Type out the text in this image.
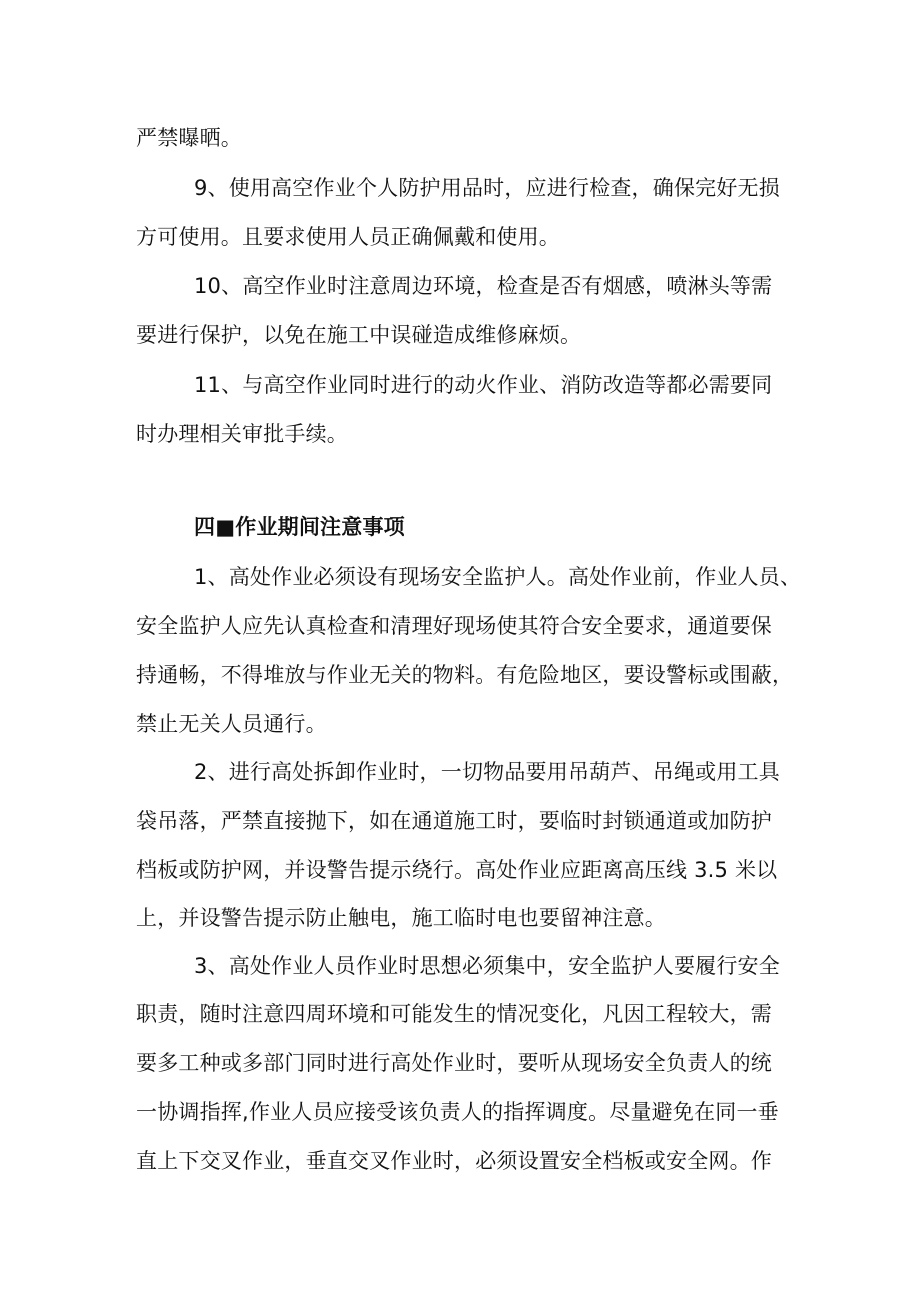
严禁曝晒。
9、使用高空作业个人防护用品时，应进行检查，确保完好无损
方可使用。且要求使用人员正确佩戴和使用。
10、高空作业时注意周边环境，检查是否有烟感，喷淋头等需
要进行保护，以免在施工中误碰造成维修麻烦。
11、与高空作业同时进行的动火作业、消防改造等都必需要同
时办理相关审批手续。
四■作业期间注意事项
1、高处作业必须设有现场安全监护人。高处作业前，作业人员、
安全监护人应先认真检查和清理好现场使其符合安全要求，通道要保
持通畅，不得堆放与作业无关的物料。有危险地区，要设警标或围蔽，
禁止无关人员通行。
2、进行高处拆卸作业时，一切物品要用吊葫芦、吊绳或用工具
袋吊落，严禁直接抛下，如在通道施工时，要临时封锁通道或加防护
档板或防护网，并设警告提示绕行。高处作业应距离高压线 3.5 米以
上，并设警告提示防止触电，施工临时电也要留神注意。
3、高处作业人员作业时思想必须集中，安全监护人要履行安全
职责，随时注意四周环境和可能发生的情况变化，凡因工程较大，需
要多工种或多部门同时进行高处作业时，要听从现场安全负责人的统
一协调指挥,作业人员应接受该负责人的指挥调度。尽量避免在同一垂
直上下交叉作业，垂直交叉作业时，必须设置安全档板或安全网。作
